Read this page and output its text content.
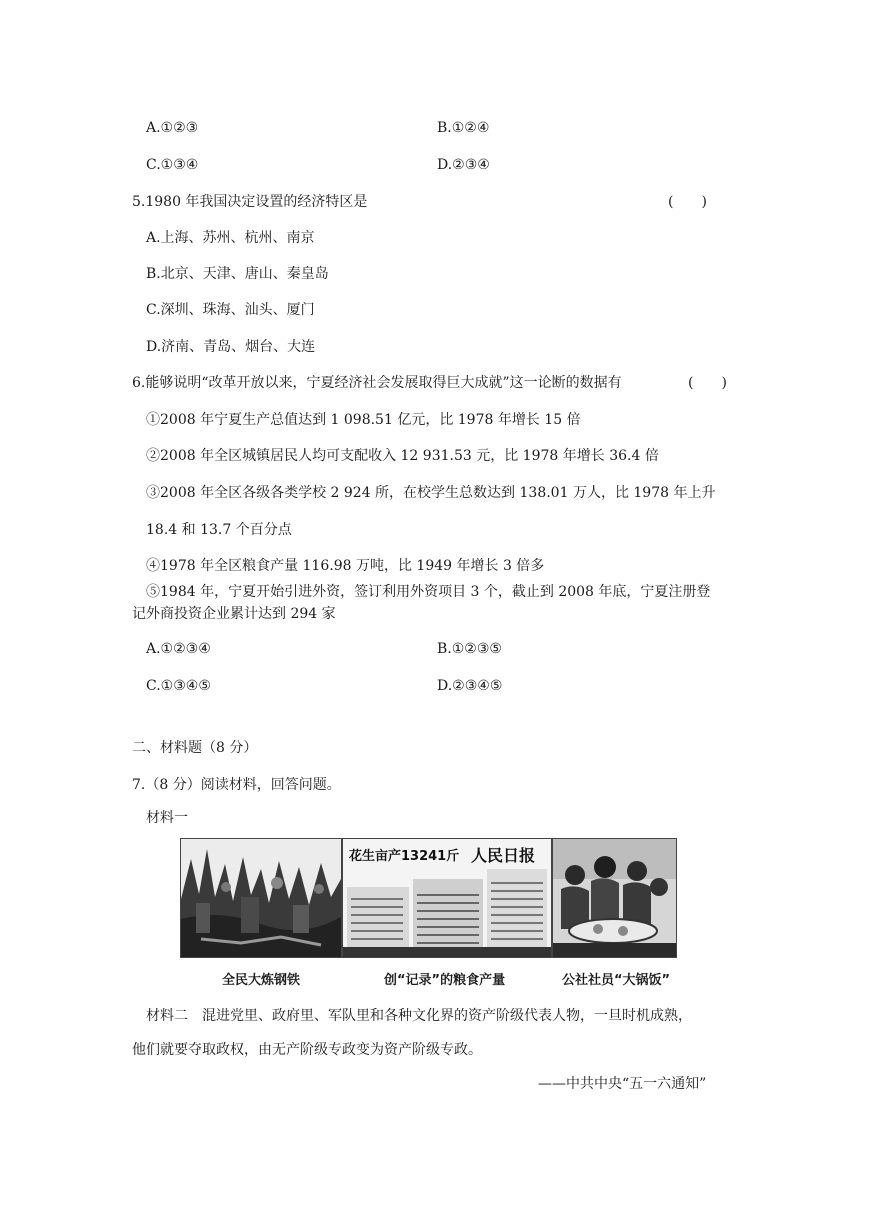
A.①②③	B.①②④
C.①③④	D.②③④
5.1980 年我国决定设置的经济特区是	(　　)
A.上海、苏州、杭州、南京
B.北京、天津、唐山、秦皇岛
C.深圳、珠海、汕头、厦门
D.济南、青岛、烟台、大连
6.能够说明“改革开放以来，宁夏经济社会发展取得巨大成就”这一论断的数据有	(　　)
①2008 年宁夏生产总值达到 1 098.51 亿元，比 1978 年增长 15 倍
②2008 年全区城镇居民人均可支配收入 12 931.53 元，比 1978 年增长 36.4 倍
③2008 年全区各级各类学校 2 924 所，在校学生总数达到 138.01 万人，比 1978 年上升
18.4 和 13.7 个百分点
④1978 年全区粮食产量 116.98 万吨，比 1949 年增长 3 倍多
⑤1984 年，宁夏开始引进外资，签订利用外资项目 3 个，截止到 2008 年底，宁夏注册登
记外商投资企业累计达到 294 家
A.①②③④	B.①②③⑤
C.①③④⑤	D.②③④⑤
二、材料题（8 分）
7.（8 分）阅读材料，回答问题。
材料一
花生亩产13241斤 人民日报
全民大炼钢铁	创“记录”的粮食产量	公社社员“大锅饭”
材料二　混进党里、政府里、军队里和各种文化界的资产阶级代表人物，一旦时机成熟，
他们就要夺取政权，由无产阶级专政变为资产阶级专政。
——中共中央“五一六通知”
